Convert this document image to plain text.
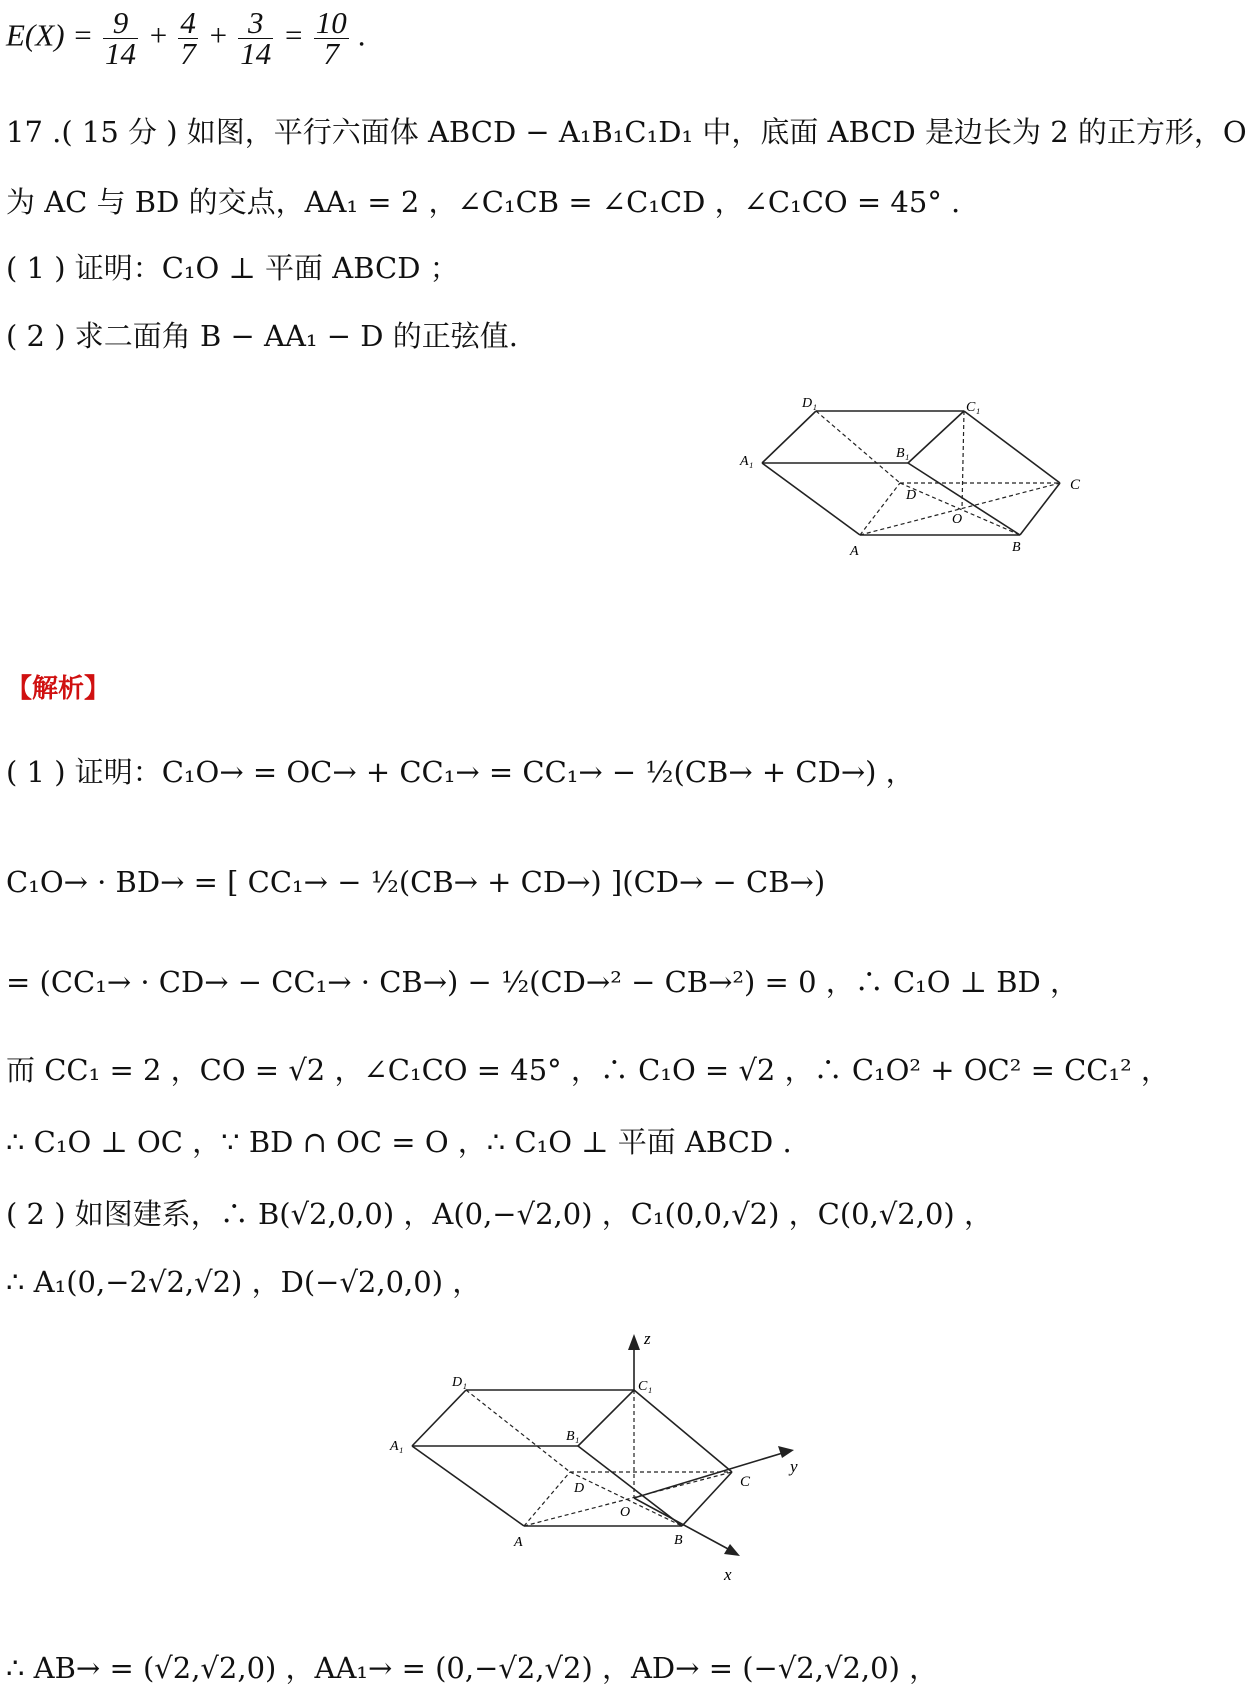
$E(X) = \frac{9}{14} + \frac{4}{7} + \frac{3}{14} = \frac{10}{7}$ .
17 .( 15 分 ) 如图，平行六面体 ABCD − A₁B₁C₁D₁ 中，底面 ABCD 是边长为 2 的正方形，O
为 AC 与 BD 的交点，AA₁ = 2 ，∠C₁CB = ∠C₁CD ，∠C₁CO = 45° .
( 1 ) 证明：C₁O ⊥ 平面 ABCD ；
( 2 ) 求二面角 B − AA₁ − D 的正弦值.
D₁	C₁
A₁
B₁
D
C
O
A	B
【解析】
( 1 ) 证明：C₁O→ = OC→ + CC₁→ = CC₁→ − ½(CB→ + CD→) ，
C₁O→ · BD→ = [ CC₁→ − ½(CB→ + CD→) ](CD→ − CB→)
= (CC₁→ · CD→ − CC₁→ · CB→) − ½(CD→² − CB→²) = 0 ，∴ C₁O ⊥ BD ，
而 CC₁ = 2 ，CO = √2 ，∠C₁CO = 45° ，∴ C₁O = √2 ，∴ C₁O² + OC² = CC₁² ，
∴ C₁O ⊥ OC ，∵ BD ∩ OC = O ，∴ C₁O ⊥ 平面 ABCD .
( 2 ) 如图建系，∴ B(√2,0,0) ，A(0,−√2,0) ，C₁(0,0,√2) ，C(0,√2,0) ，
∴ A₁(0,−2√2,√2) ，D(−√2,0,0) ，
z
y
x
D₁	C₁
A₁
B₁
D	C
O
A	B
∴ AB→ = (√2,√2,0) ，AA₁→ = (0,−√2,√2) ，AD→ = (−√2,√2,0) ，
